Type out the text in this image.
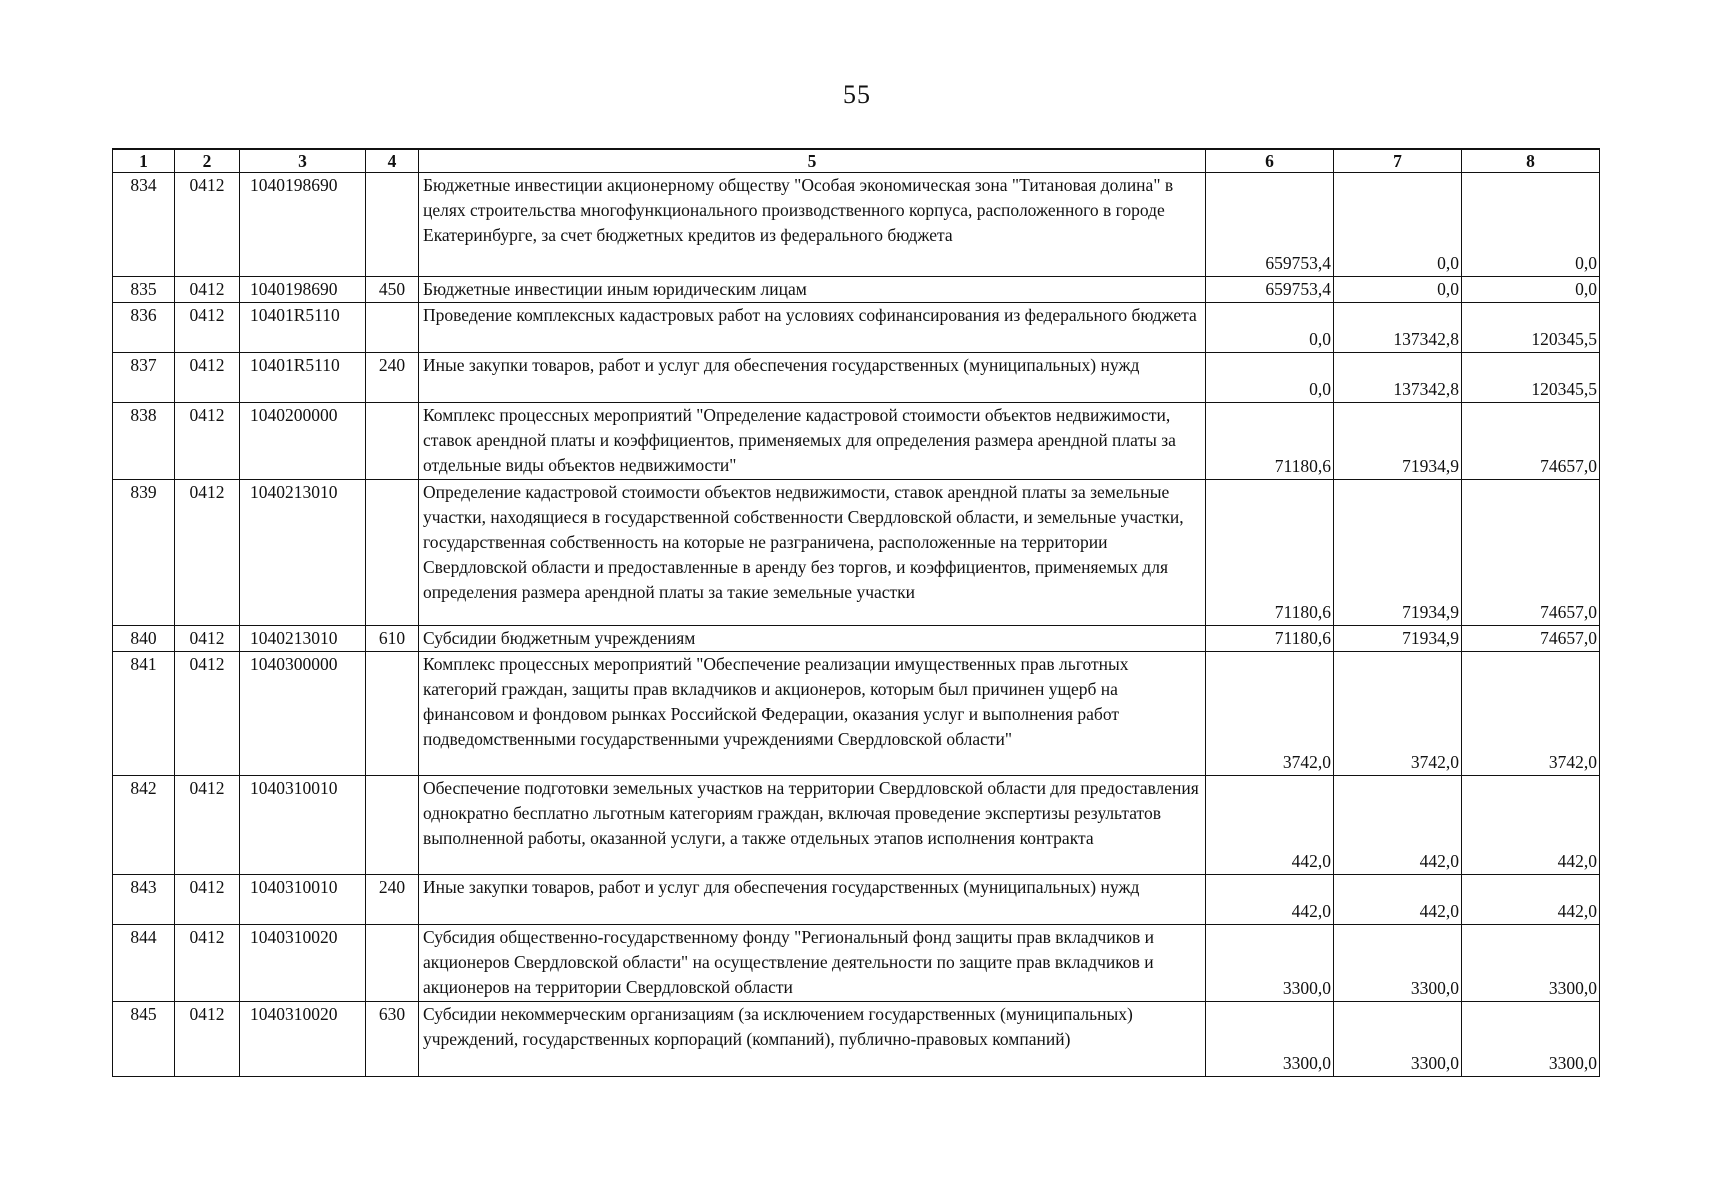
55
1	2	3	4	5	6	7	8
834	0412	1040198690		Бюджетные инвестиции акционерному обществу "Особая экономическая зона "Титановая долина" в целях строительства многофункционального производственного корпуса, расположенного в городе Екатеринбурге, за счет бюджетных кредитов из федерального бюджета	659753,4	0,0	0,0
835	0412	1040198690	450	Бюджетные инвестиции иным юридическим лицам	659753,4	0,0	0,0
836	0412	10401R5110		Проведение комплексных кадастровых работ на условиях софинансирования из федерального бюджета	0,0	137342,8	120345,5
837	0412	10401R5110	240	Иные закупки товаров, работ и услуг для обеспечения государственных (муниципальных) нужд	0,0	137342,8	120345,5
838	0412	1040200000		Комплекс процессных мероприятий "Определение кадастровой стоимости объектов недвижимости, ставок арендной платы и коэффициентов, применяемых для определения размера арендной платы за отдельные виды объектов недвижимости"	71180,6	71934,9	74657,0
839	0412	1040213010		Определение кадастровой стоимости объектов недвижимости, ставок арендной платы за земельные участки, находящиеся в государственной собственности Свердловской области, и земельные участки, государственная собственность на которые не разграничена, расположенные на территории Свердловской области и предоставленные в аренду без торгов, и коэффициентов, применяемых для определения размера арендной платы за такие земельные участки	71180,6	71934,9	74657,0
840	0412	1040213010	610	Субсидии бюджетным учреждениям	71180,6	71934,9	74657,0
841	0412	1040300000		Комплекс процессных мероприятий "Обеспечение реализации имущественных прав льготных категорий граждан, защиты прав вкладчиков и акционеров, которым был причинен ущерб на финансовом и фондовом рынках Российской Федерации, оказания услуг и выполнения работ подведомственными государственными учреждениями Свердловской области"	3742,0	3742,0	3742,0
842	0412	1040310010		Обеспечение подготовки земельных участков на территории Свердловской области для предоставления однократно бесплатно льготным категориям граждан, включая проведение экспертизы результатов выполненной работы, оказанной услуги, а также отдельных этапов исполнения контракта	442,0	442,0	442,0
843	0412	1040310010	240	Иные закупки товаров, работ и услуг для обеспечения государственных (муниципальных) нужд	442,0	442,0	442,0
844	0412	1040310020		Субсидия общественно-государственному фонду "Региональный фонд защиты прав вкладчиков и акционеров Свердловской области" на осуществление деятельности по защите прав вкладчиков и акционеров на территории Свердловской области	3300,0	3300,0	3300,0
845	0412	1040310020	630	Субсидии некоммерческим организациям (за исключением государственных (муниципальных) учреждений, государственных корпораций (компаний), публично-правовых компаний)	3300,0	3300,0	3300,0
